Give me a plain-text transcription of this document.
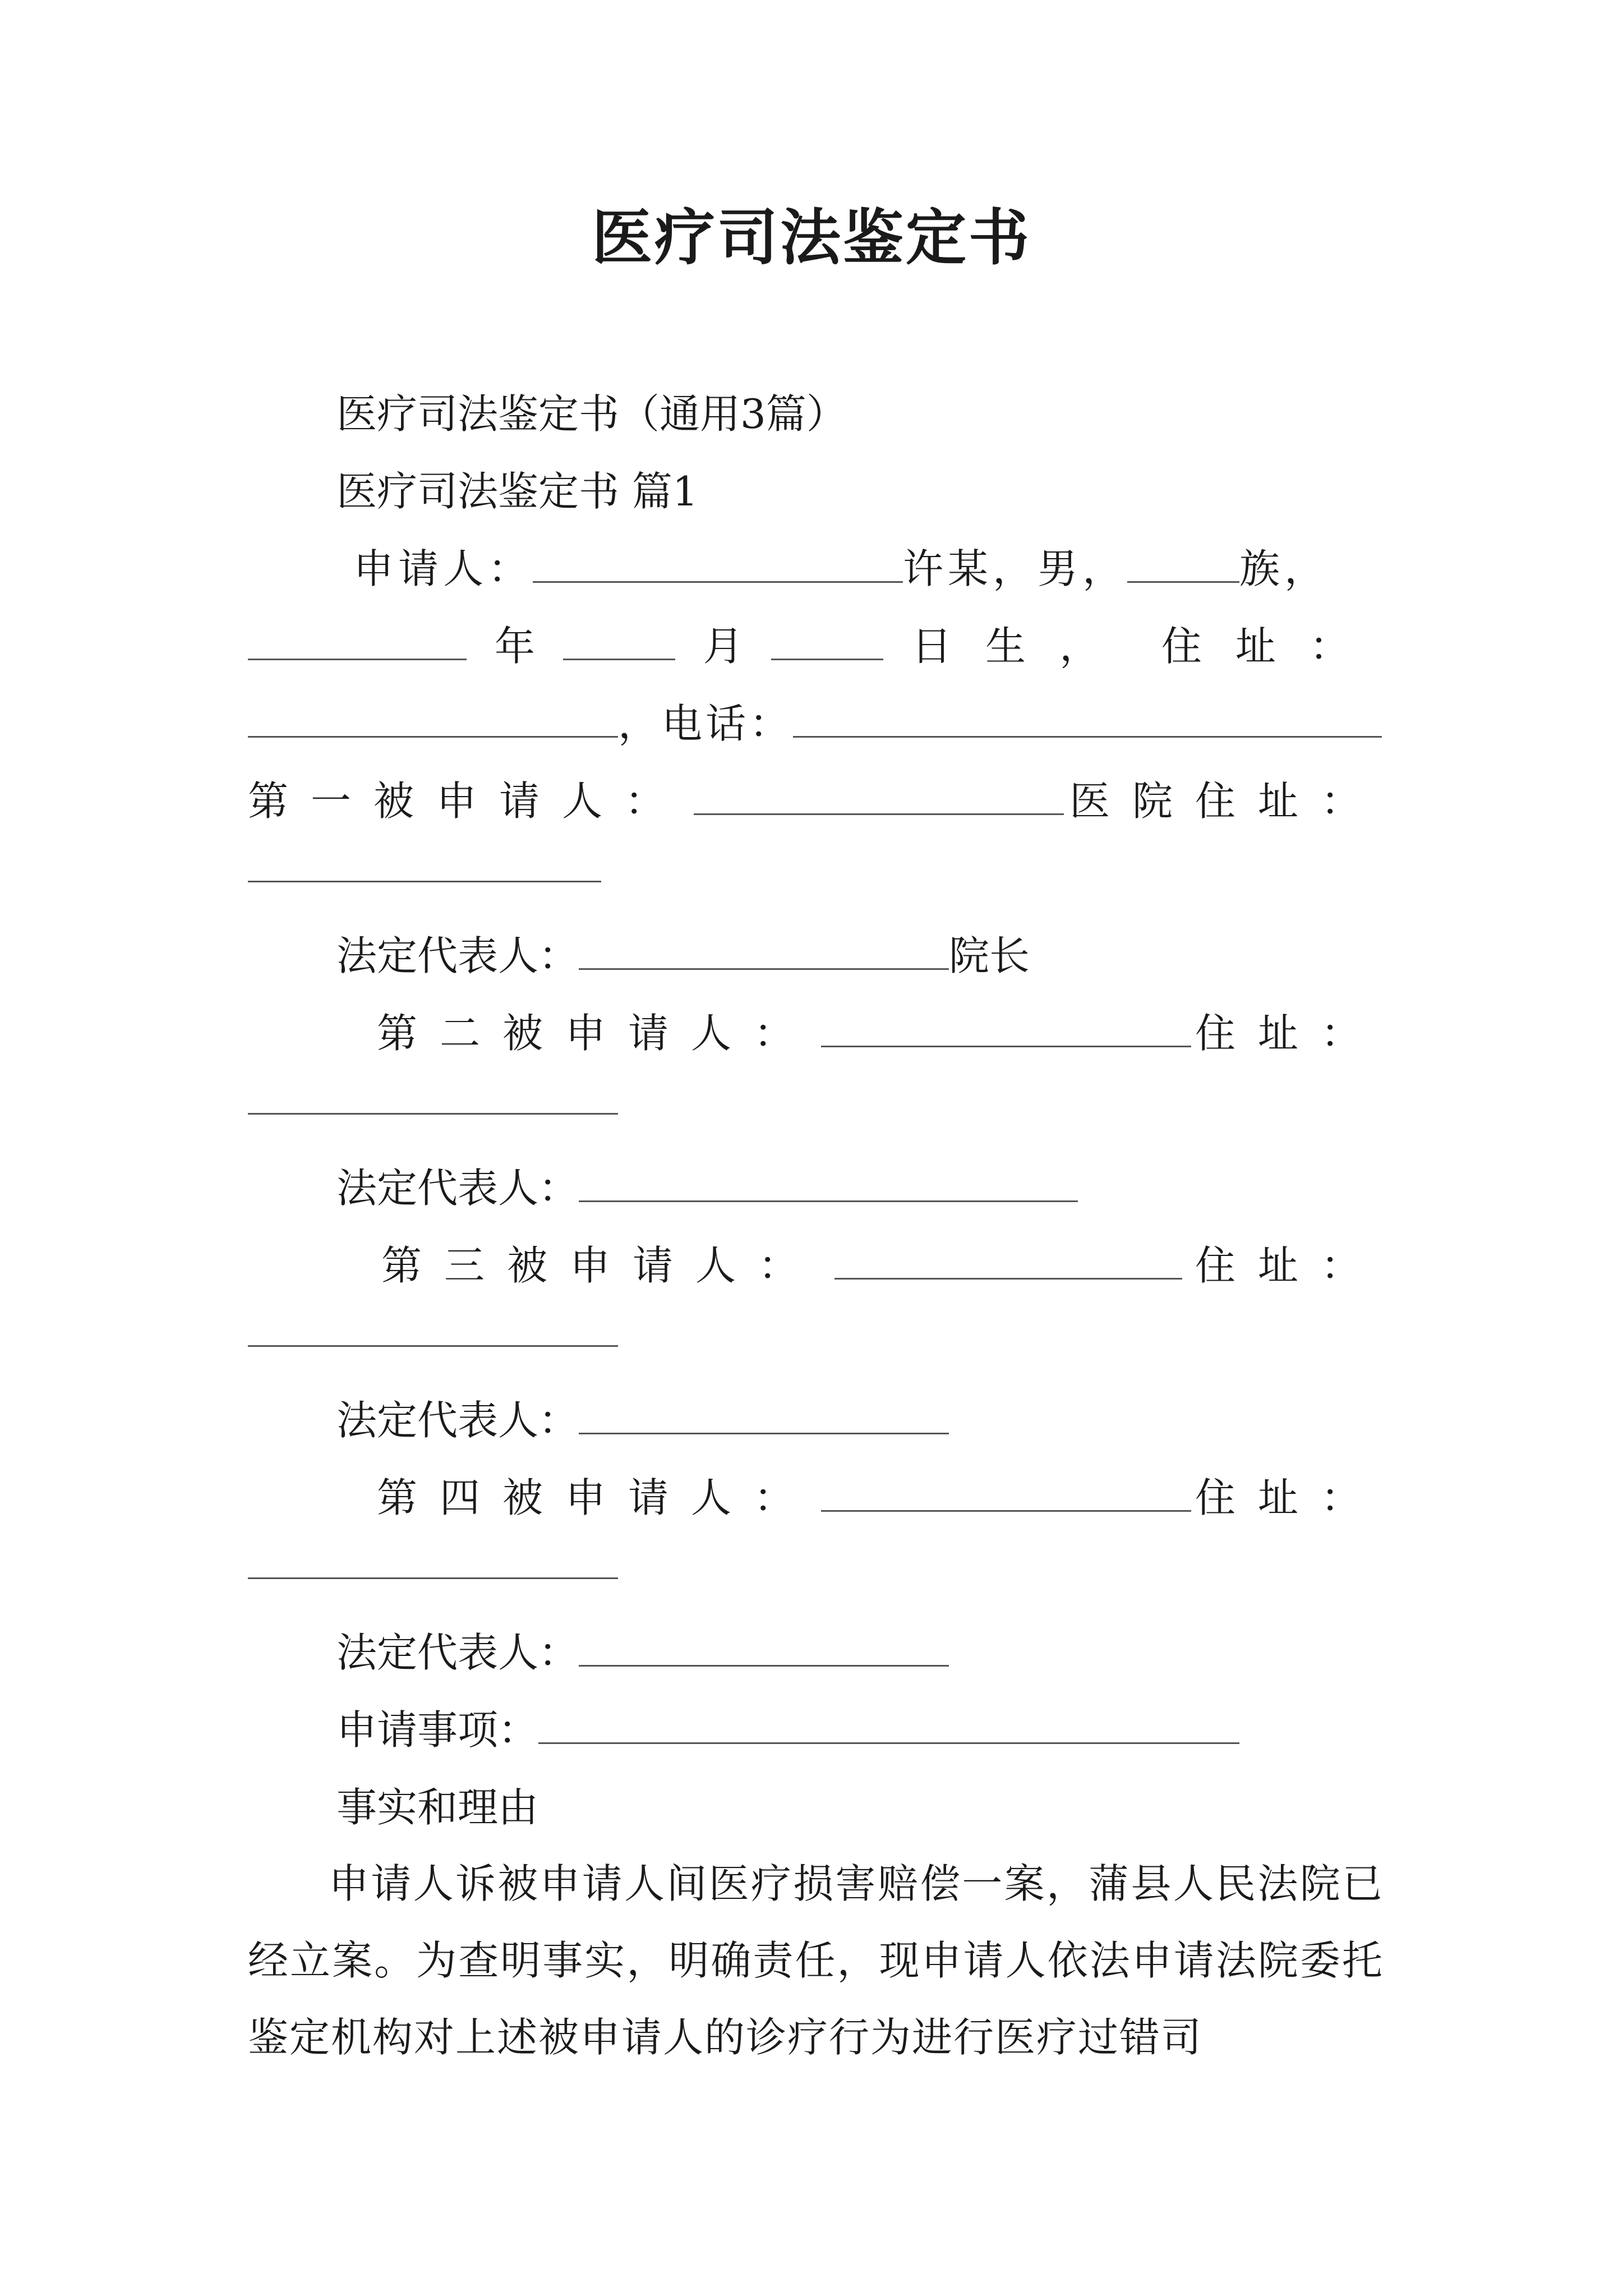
医疗司法鉴定书
医疗司法鉴定书（通用3篇）
医疗司法鉴定书 篇1
申请人：	许某，男，	族，
年	月	日生， 住址：
，电话：
第一被申请人：	医院住址：
法定代表人：	院长
第二被申请人：	住址：
法定代表人：
第三被申请人：	住址：
法定代表人：
第四被申请人：	住址：
法定代表人：
申请事项：
事实和理由
申请人诉被申请人间医疗损害赔偿一案，蒲县人民法院已经立案。为查明事实，明确责任，现申请人依法申请法院委托鉴定机构对上述被申请人的诊疗行为进行医疗过错司
